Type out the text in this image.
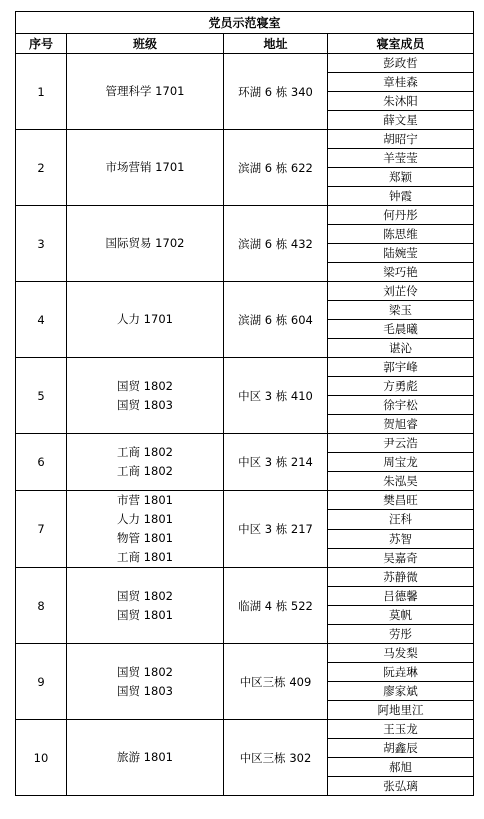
党员示范寝室			
序号	班级	地址	寝室成员
1	管理科学 1701	环湖 6 栋 340	彭政哲
			章桂森
			朱沐阳
			薛文星
2	市场营销 1701	滨湖 6 栋 622	胡昭宁
			羊莹莹
			郑颖
			钟霞
3	国际贸易 1702	滨湖 6 栋 432	何丹彤
			陈思维
			陆婉莹
			梁巧艳
4	人力 1701	滨湖 6 栋 604	刘芷伶
			梁玉
			毛晨曦
			谌沁
5	国贸 1802
国贸 1803	中区 3 栋 410	郭宇峰
			方勇彪
			徐宇松
			贺旭睿
6	工商 1802
工商 1802	中区 3 栋 214	尹云浩
			周宝龙
			朱泓昊
7	市营 1801
人力 1801
物管 1801
工商 1801	中区 3 栋 217	樊昌旺
			汪科
			苏智
			吴嘉奇
8	国贸 1802
国贸 1801	临湖 4 栋 522	苏静微
			吕德馨
			莫帆
			劳彤
9	国贸 1802
国贸 1803	中区三栋 409	马发梨
			阮垚琳
			廖家斌
			阿地里江
10	旅游 1801	中区三栋 302	王玉龙
			胡鑫辰
			郝旭
			张弘璃
